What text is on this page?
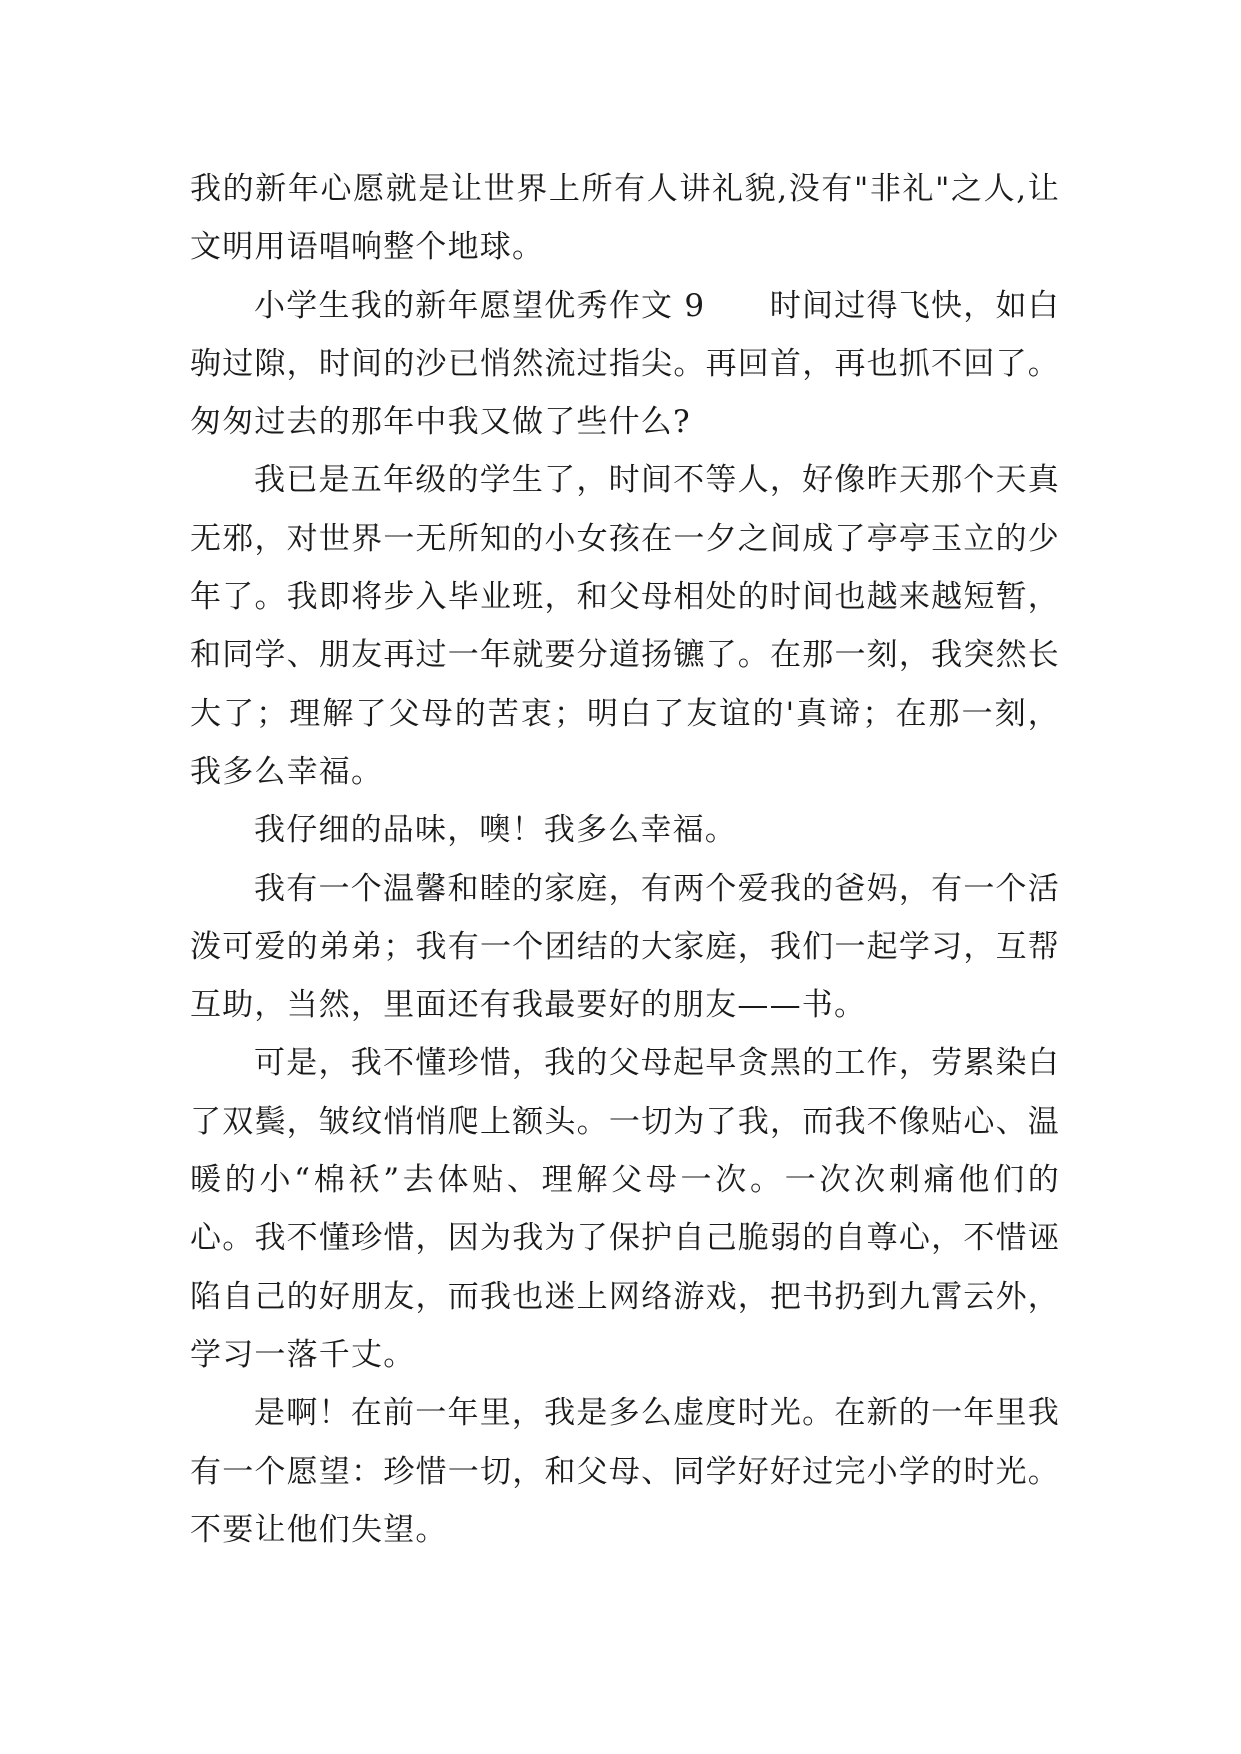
我的新年心愿就是让世界上所有人讲礼貌,没有"非礼"之人,让文明用语唱响整个地球。

小学生我的新年愿望优秀作文 9　　时间过得飞快，如白驹过隙，时间的沙已悄然流过指尖。再回首，再也抓不回了。匆匆过去的那年中我又做了些什么?

我已是五年级的学生了，时间不等人，好像昨天那个天真无邪，对世界一无所知的小女孩在一夕之间成了亭亭玉立的少年了。我即将步入毕业班，和父母相处的时间也越来越短暂，和同学、朋友再过一年就要分道扬镳了。在那一刻，我突然长大了；理解了父母的苦衷；明白了友谊的'真谛；在那一刻，我多么幸福。

我仔细的品味，噢！我多么幸福。

我有一个温馨和睦的家庭，有两个爱我的爸妈，有一个活泼可爱的弟弟；我有一个团结的大家庭，我们一起学习，互帮互助，当然，里面还有我最要好的朋友——书。

可是，我不懂珍惜，我的父母起早贪黑的工作，劳累染白了双鬓，皱纹悄悄爬上额头。一切为了我，而我不像贴心、温暖的小“棉袄”去体贴、理解父母一次。一次次刺痛他们的心。我不懂珍惜，因为我为了保护自己脆弱的自尊心，不惜诬陷自己的好朋友，而我也迷上网络游戏，把书扔到九霄云外，学习一落千丈。

是啊！在前一年里，我是多么虚度时光。在新的一年里我有一个愿望：珍惜一切，和父母、同学好好过完小学的时光。不要让他们失望。
